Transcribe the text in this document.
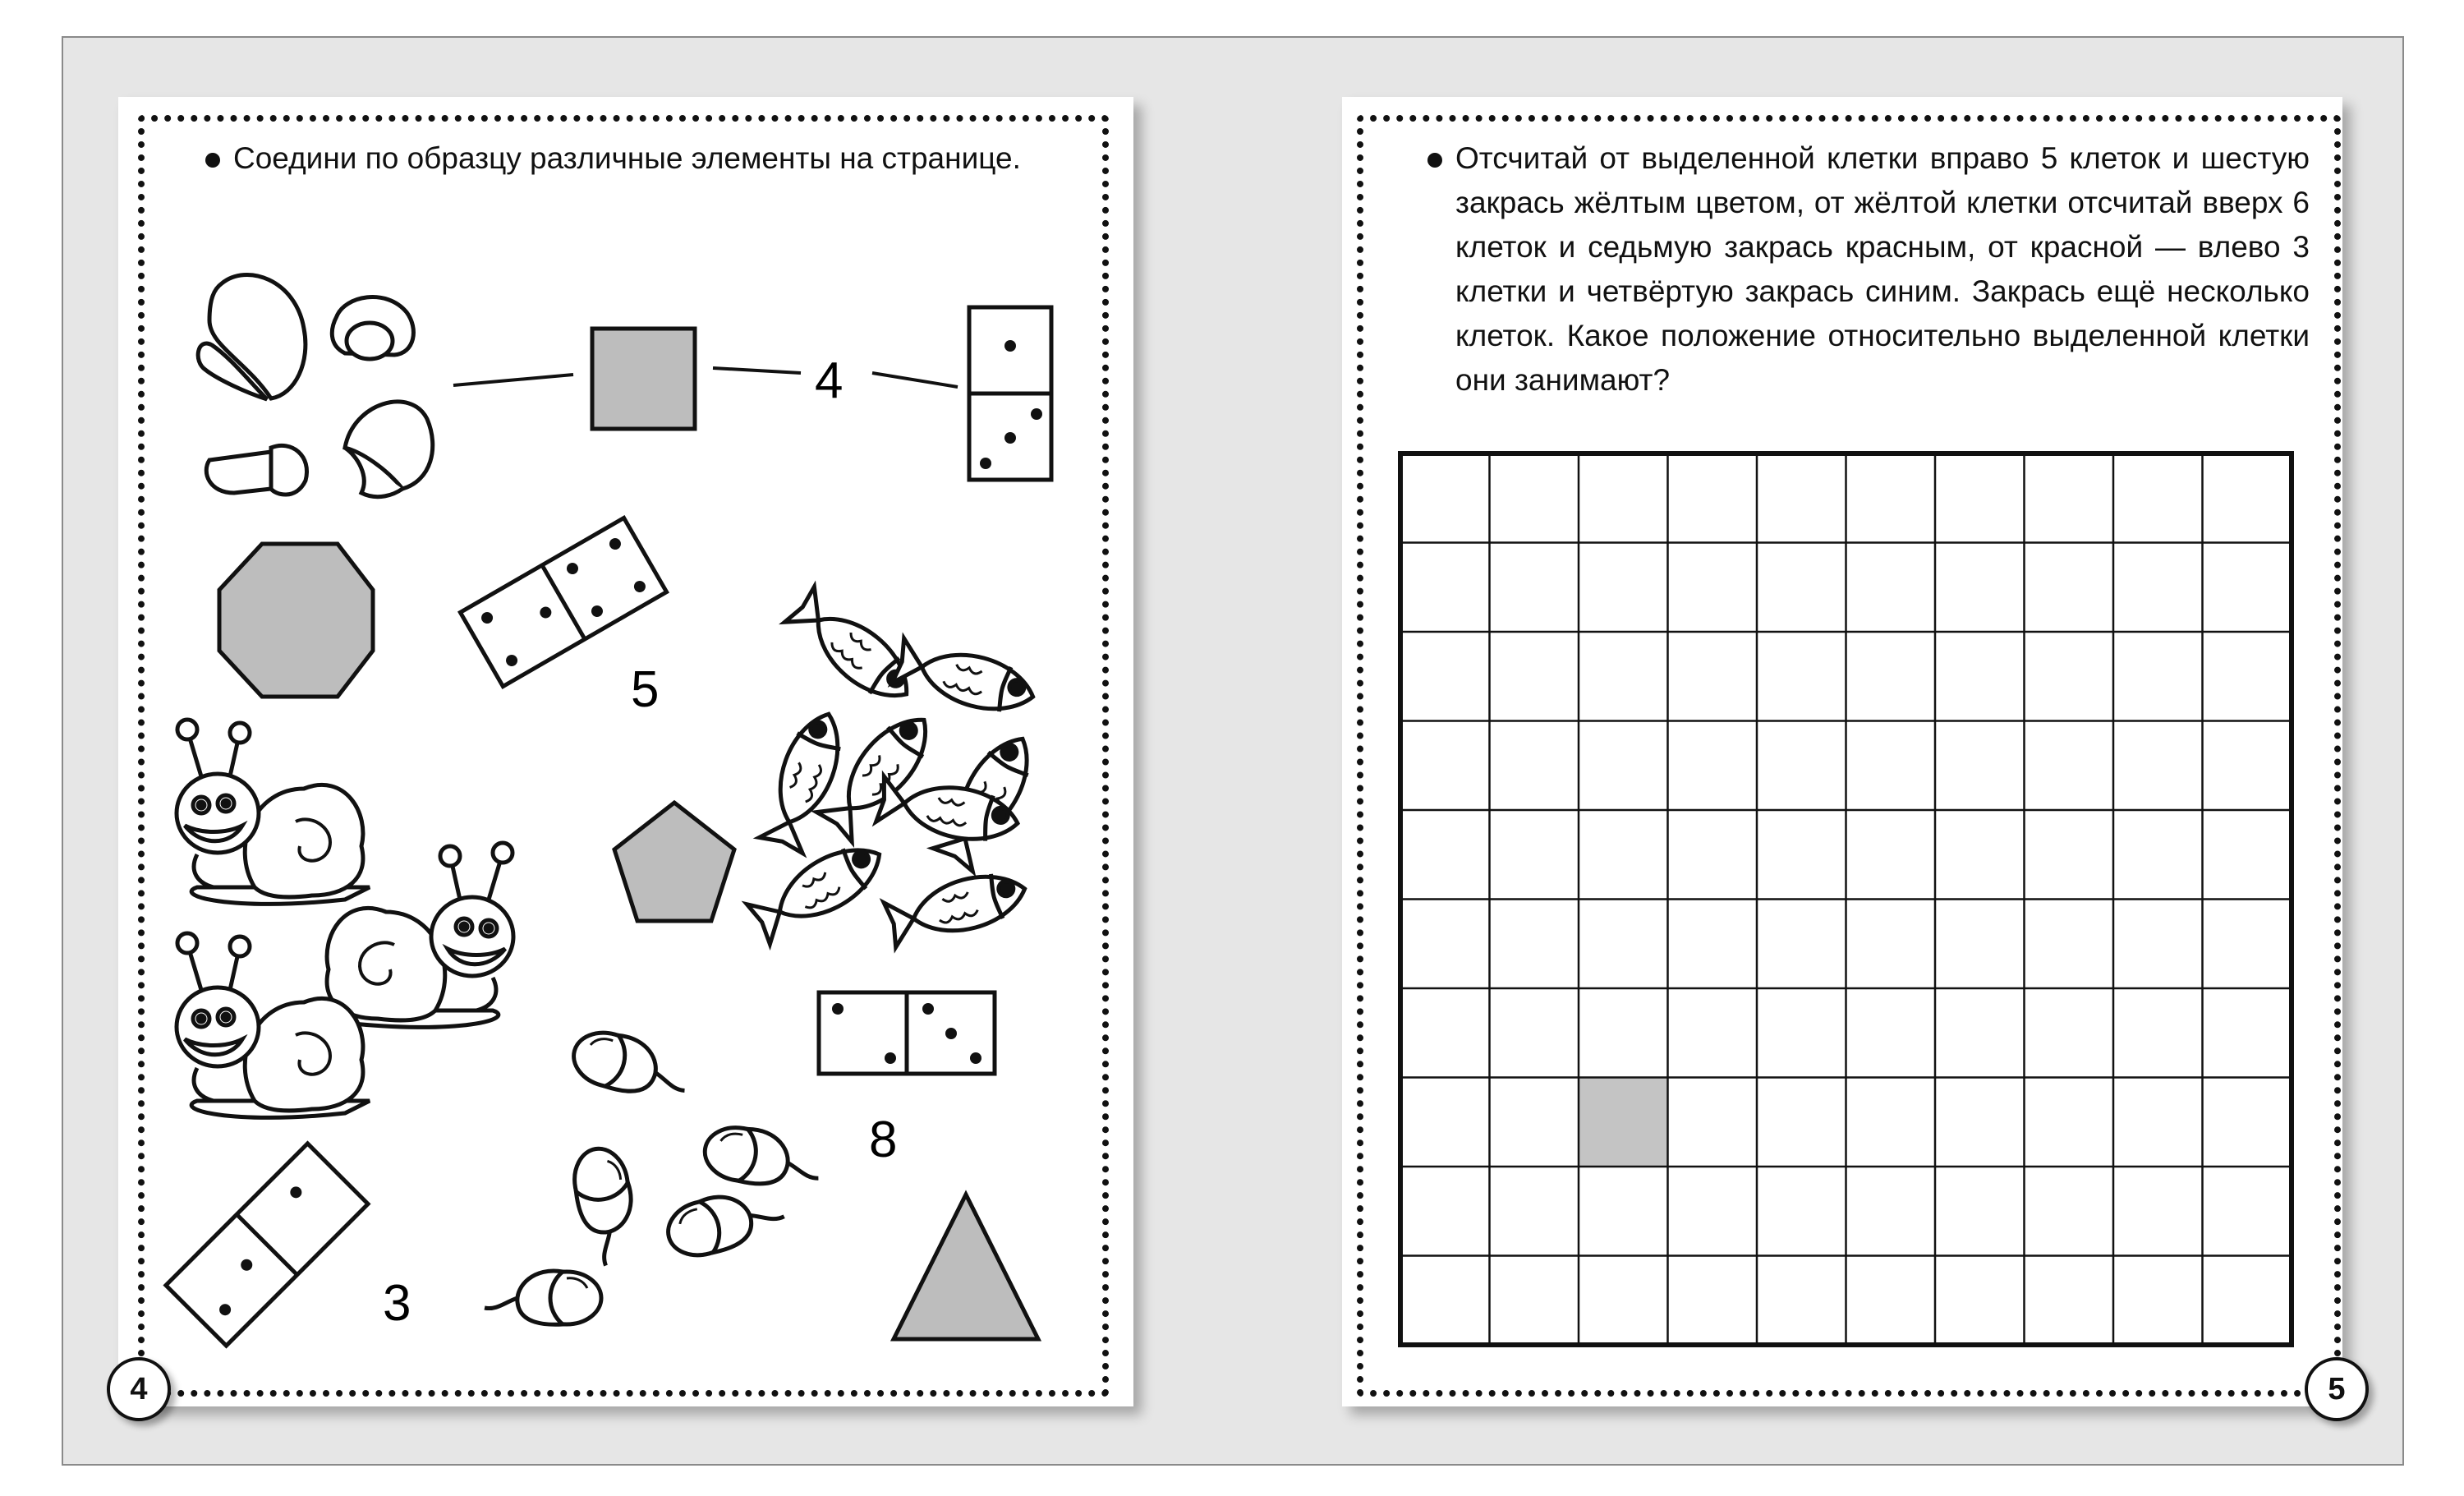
Соедини по образцу различные элементы на странице.
4
5
8
3
4
Отсчитай от выделенной клетки вправо 5 клеток и шестую закрась жёлтым цветом, от жёлтой клетки отсчитай вверх 6 клеток и седьмую закрась красным, от красной — влево 3 клетки и четвёртую закрась синим. Закрась ещё несколько клеток. Какое положение относительно выделенной клетки они занимают?
5
